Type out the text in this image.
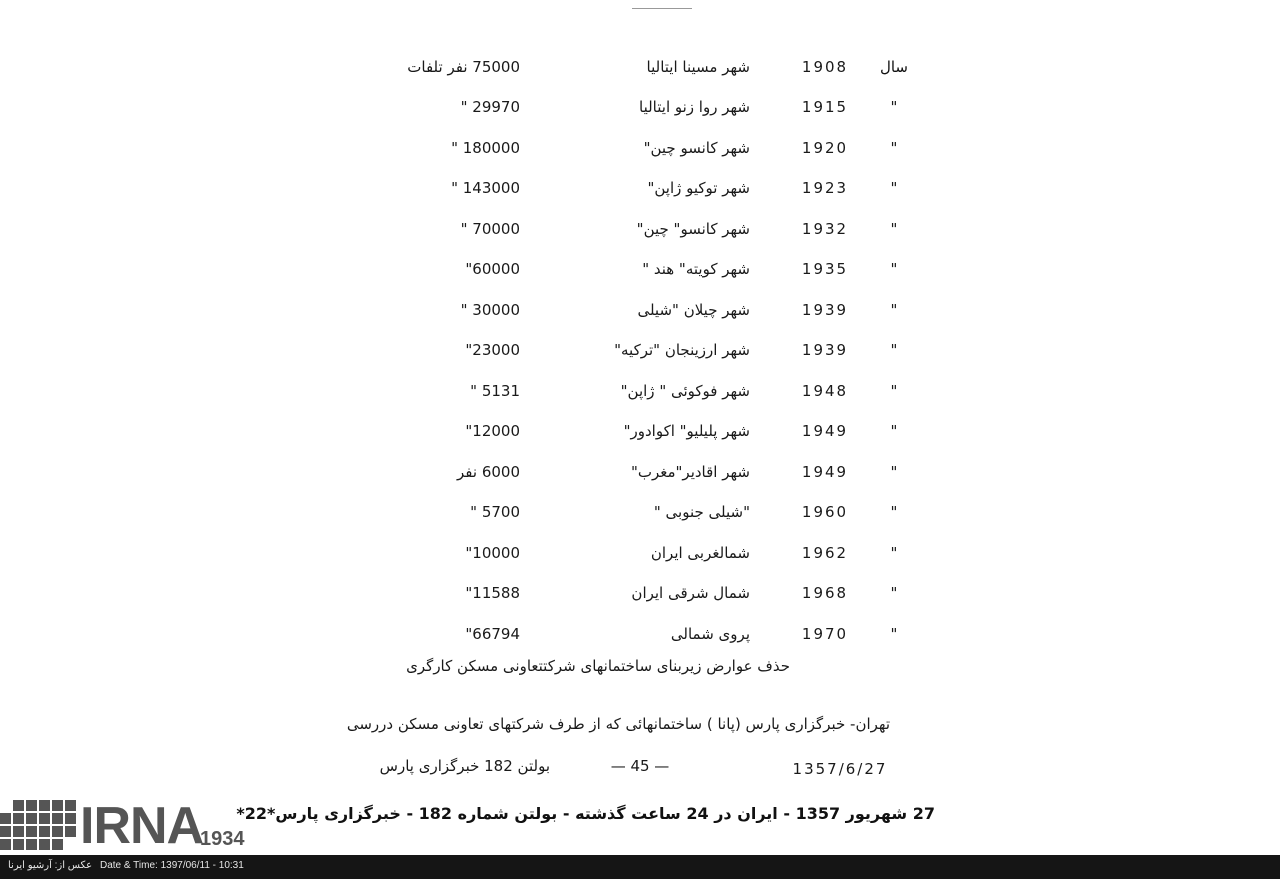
سال
1908
شهر مسینا ایتالیا
75000 نفر تلفات
"
1915
شهر روا زنو ایتالیا
29970 "
"
1920
شهر کانسو چین"
180000 "
"
1923
شهر توکیو ژاپن"
143000 "
"
1932
شهر کانسو" چین"
70000 "
"
1935
شهر کویته" هند "
60000"
"
1939
شهر چیلان "شیلی
30000 "
"
1939
شهر ارزینجان "ترکیه"
23000"
"
1948
شهر فوکوئی " ژاپن"
5131 "
"
1949
شهر پلیلیو" اکوادور"
12000"
"
1949
شهر اقادیر"مغرب"
6000 نفر
"
1960
"شیلی جنوبی "
5700 "
"
1962
شمالغربی ایران
10000"
"
1968
شمال شرقی ایران
11588"
"
1970
پروی شمالی
66794"
حذف عوارض زیربنای ساختمانهای شرکتتعاونی مسکن کارگری
تهران- خبرگزاری پارس (پانا ) ساختمانهائی که از طرف شرکتهای تعاونی مسکن دررسی
بولتن 182 خبرگزاری پارس	— 45 —	1357/6/27
IRNA
1934
27 شهریور 1357 - ایران در 24 ساعت گذشته - بولتن شماره 182 - خبرگزاری پارس*22*
عکس از: آرشیو ایرنا Date & Time: 1397/06/11 - 10:31
